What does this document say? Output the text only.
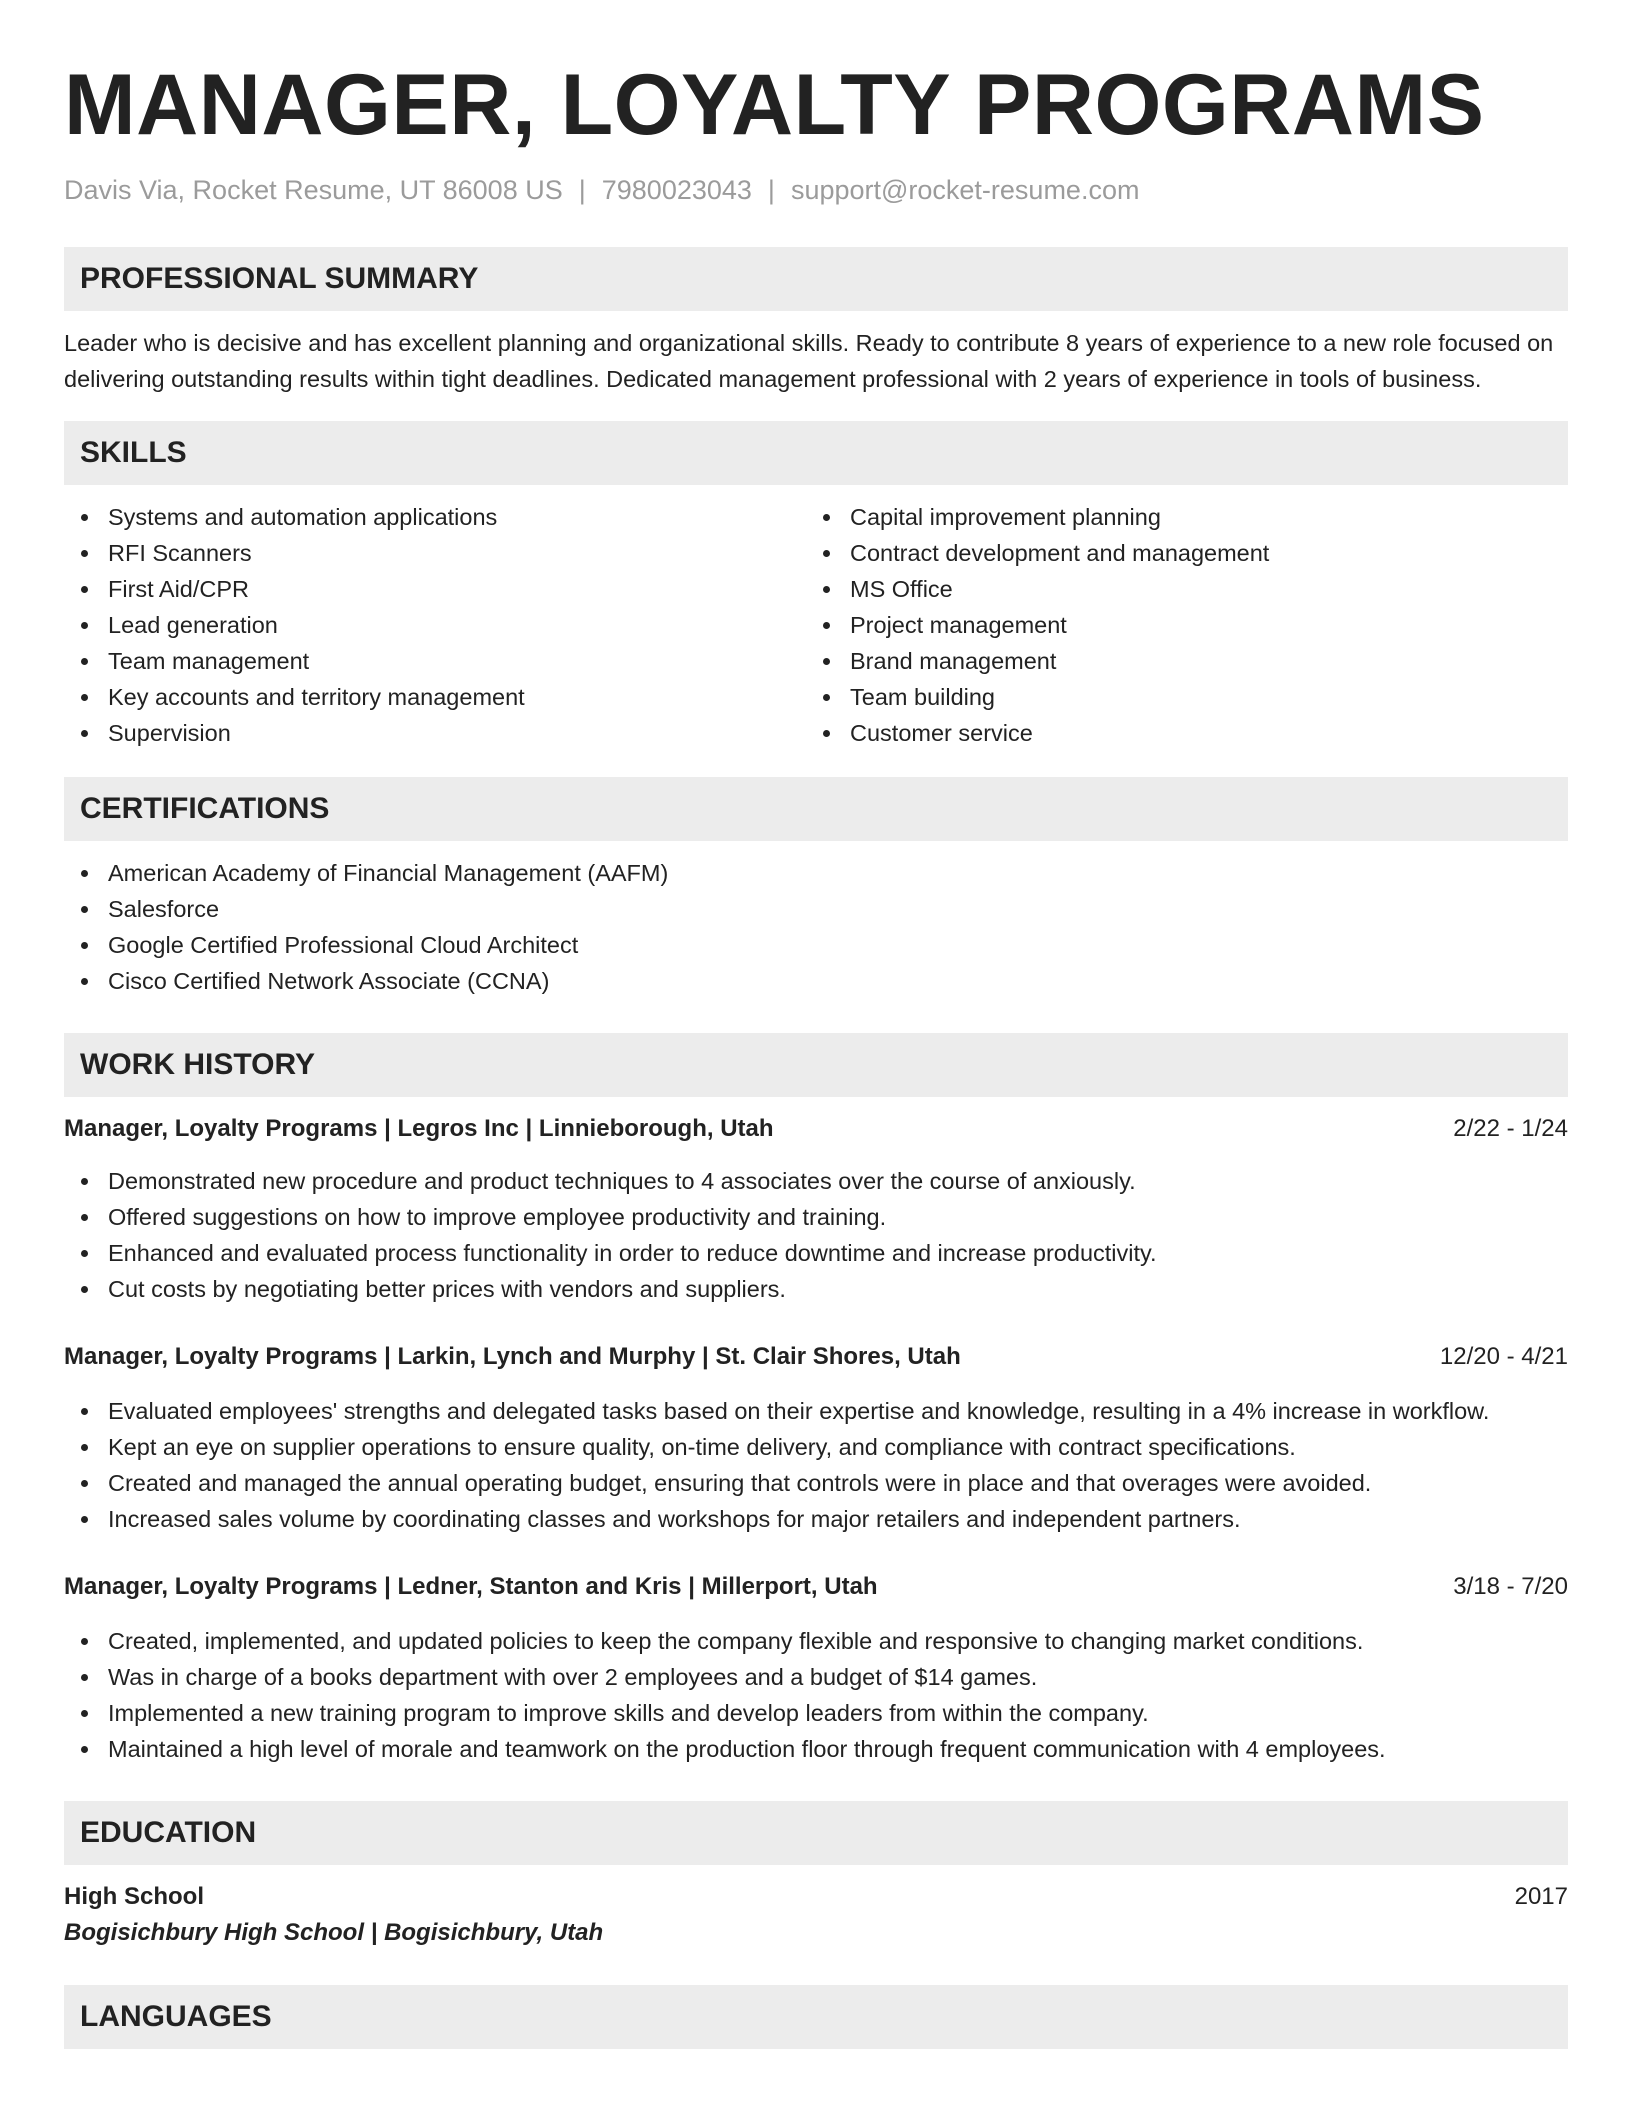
MANAGER, LOYALTY PROGRAMS
Davis Via, Rocket Resume, UT 86008 US | 7980023043 | support@rocket-resume.com
PROFESSIONAL SUMMARY

Leader who is decisive and has excellent planning and organizational skills. Ready to contribute 8 years of experience to a new role focused on delivering outstanding results within tight deadlines. Dedicated management professional with 2 years of experience in tools of business.

SKILLS
Systems and automation applications
RFI Scanners
First Aid/CPR
Lead generation
Team management
Key accounts and territory management
Supervision
Capital improvement planning
Contract development and management
MS Office
Project management
Brand management
Team building
Customer service
CERTIFICATIONS
American Academy of Financial Management (AAFM)
Salesforce
Google Certified Professional Cloud Architect
Cisco Certified Network Associate (CCNA)
WORK HISTORY
Manager, Loyalty Programs | Legros Inc | Linnieborough, Utah	2/22 - 1/24
Demonstrated new procedure and product techniques to 4 associates over the course of anxiously.
Offered suggestions on how to improve employee productivity and training.
Enhanced and evaluated process functionality in order to reduce downtime and increase productivity.
Cut costs by negotiating better prices with vendors and suppliers.
Manager, Loyalty Programs | Larkin, Lynch and Murphy | St. Clair Shores, Utah	12/20 - 4/21
Evaluated employees' strengths and delegated tasks based on their expertise and knowledge, resulting in a 4% increase in workflow.
Kept an eye on supplier operations to ensure quality, on-time delivery, and compliance with contract specifications.
Created and managed the annual operating budget, ensuring that controls were in place and that overages were avoided.
Increased sales volume by coordinating classes and workshops for major retailers and independent partners.
Manager, Loyalty Programs | Ledner, Stanton and Kris | Millerport, Utah	3/18 - 7/20
Created, implemented, and updated policies to keep the company flexible and responsive to changing market conditions.
Was in charge of a books department with over 2 employees and a budget of $14 games.
Implemented a new training program to improve skills and develop leaders from within the company.
Maintained a high level of morale and teamwork on the production floor through frequent communication with 4 employees.
EDUCATION
High School	2017
Bogisichbury High School | Bogisichbury, Utah
LANGUAGES
